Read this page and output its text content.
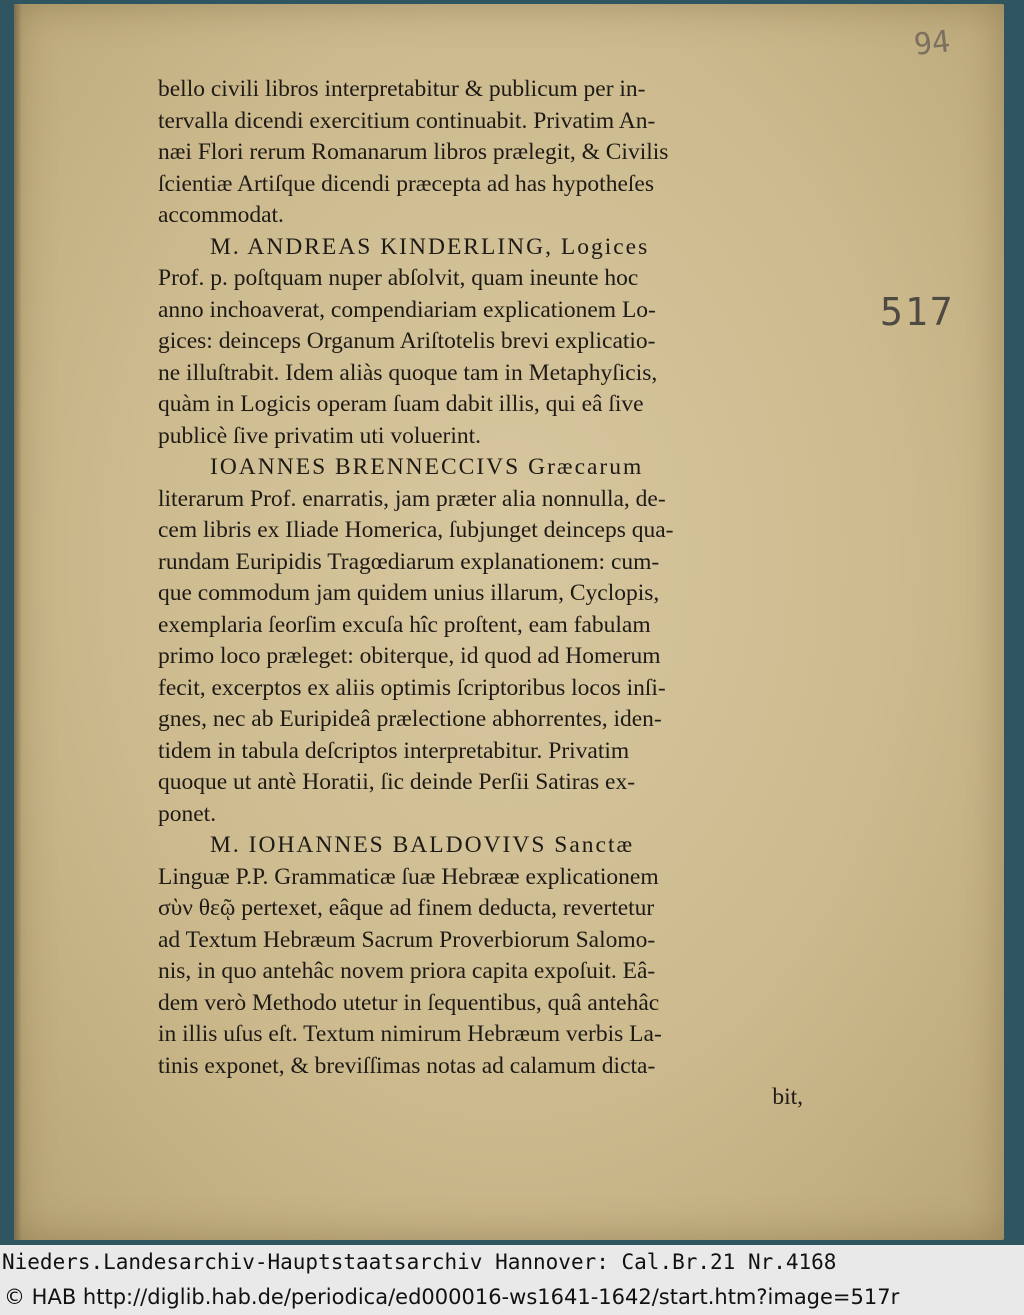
94
517
bello civili libros interpretabitur & publicum per in-
tervalla dicendi exercitium continuabit. Privatim An-
næi Flori rerum Romanarum libros prælegit, & Civilis
ſcientiæ Artiſque dicendi præcepta ad has hypotheſes
accommodat.
M. ANDREAS KINDERLING, Logices
Prof. p. poſtquam nuper abſolvit, quam ineunte hoc
anno inchoaverat, compendiariam explicationem Lo-
gices: deinceps Organum Ariſtotelis brevi explicatio-
ne illuſtrabit. Idem aliàs quoque tam in Metaphyſicis,
quàm in Logicis operam ſuam dabit illis, qui eâ ſive
publicè ſive privatim uti voluerint.
IOANNES BRENNECCIVS Græcarum
literarum Prof. enarratis, jam præter alia nonnulla, de-
cem libris ex Iliade Homerica, ſubjunget deinceps qua-
rundam Euripidis Tragœdiarum explanationem: cum-
que commodum jam quidem unius illarum, Cyclopis,
exemplaria ſeorſim excuſa hîc proſtent, eam fabulam
primo loco præleget: obiterque, id quod ad Homerum
fecit, excerptos ex aliis optimis ſcriptoribus locos inſi-
gnes, nec ab Euripideâ prælectione abhorrentes, iden-
tidem in tabula deſcriptos interpretabitur. Privatim
quoque ut antè Horatii, ſic deinde Perſii Satiras ex-
ponet.
M. IOHANNES BALDOVIVS Sanctæ
Linguæ P.P. Grammaticæ ſuæ Hebrææ explicationem
σὺν θεῷ pertexet, eâque ad finem deducta, revertetur
ad Textum Hebræum Sacrum Proverbiorum Salomo-
nis, in quo antehâc novem priora capita expoſuit. Eâ-
dem verò Methodo utetur in ſequentibus, quâ antehâc
in illis uſus eſt. Textum nimirum Hebræum verbis La-
tinis exponet, & breviſſimas notas ad calamum dicta-
bit,
Nieders.Landesarchiv-Hauptstaatsarchiv Hannover: Cal.Br.21 Nr.4168
© HAB http://diglib.hab.de/periodica/ed000016-ws1641-1642/start.htm?image=517r
